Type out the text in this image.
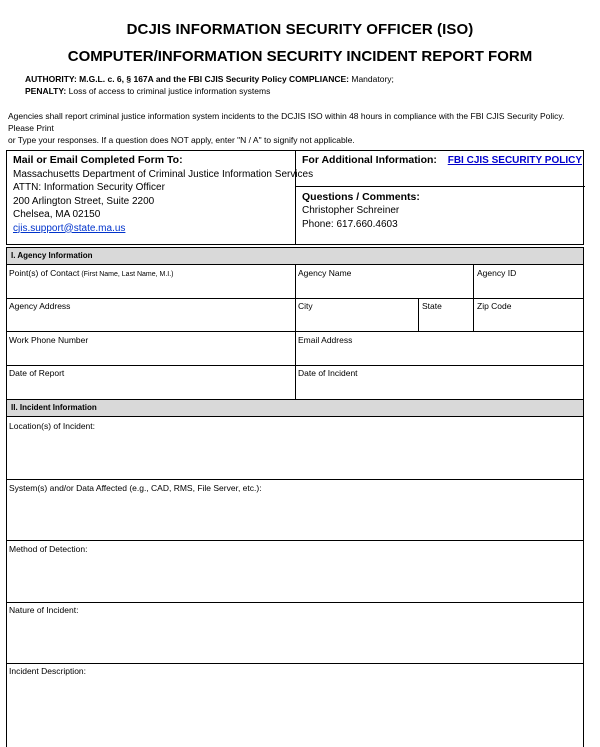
DCJIS INFORMATION SECURITY OFFICER (ISO)
COMPUTER/INFORMATION SECURITY INCIDENT REPORT FORM
AUTHORITY: M.G.L. c. 6, § 167A and the FBI CJIS Security Policy COMPLIANCE: Mandatory;
PENALTY: Loss of access to criminal justice information systems
Agencies shall report criminal justice information system incidents to the DCJIS ISO within 48 hours in compliance with the FBI CJIS Security Policy. Please Print
or Type your responses. If a question does NOT apply, enter "N / A" to signify not applicable.
Mail or Email Completed Form To:
Massachusetts Department of Criminal Justice Information Services
ATTN: Information Security Officer
200 Arlington Street, Suite 2200
Chelsea, MA 02150
cjis.support@state.ma.us
For Additional Information: FBI CJIS SECURITY POLICY
Questions / Comments:
Christopher Schreiner
Phone: 617.660.4603
I. Agency Information
Point(s) of Contact (First Name, Last Name, M.I.)	Agency Name	Agency ID
Agency Address	City	State	Zip Code
Work Phone Number	Email Address
Date of Report	Date of Incident
II. Incident Information
Location(s) of Incident:
System(s) and/or Data Affected (e.g., CAD, RMS, File Server, etc.):
Method of Detection:
Nature of Incident:
Incident Description:
